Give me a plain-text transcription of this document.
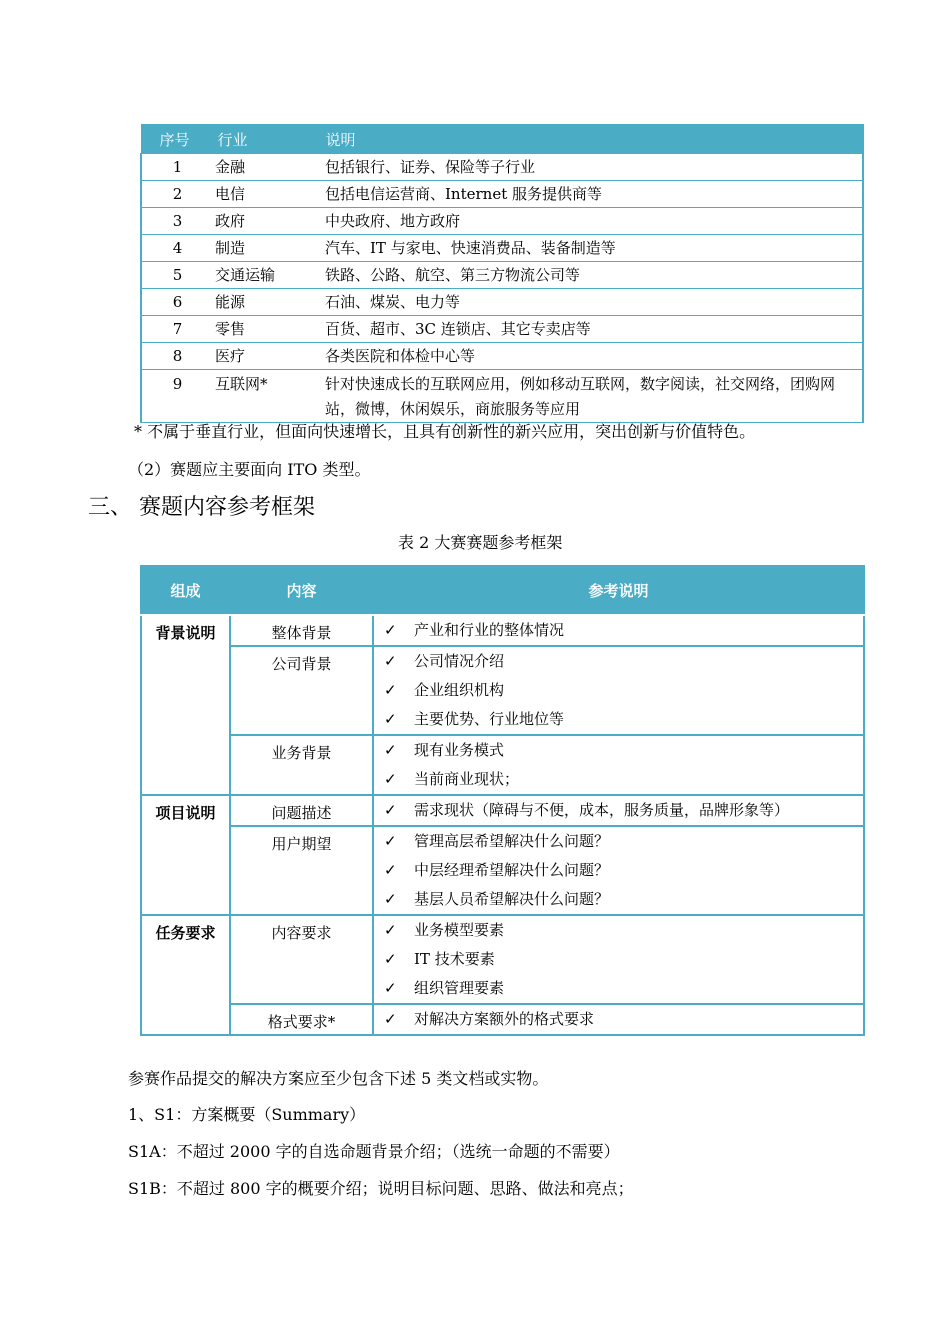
序号	行业	说明
1	金融	包括银行、证券、保险等子行业
2	电信	包括电信运营商、Internet 服务提供商等
3	政府	中央政府、地方政府
4	制造	汽车、IT 与家电、快速消费品、装备制造等
5	交通运输	铁路、公路、航空、第三方物流公司等
6	能源	石油、煤炭、电力等
7	零售	百货、超市、3C 连锁店、其它专卖店等
8	医疗	各类医院和体检中心等
9	互联网*	针对快速成长的互联网应用，例如移动互联网，数字阅读，社交网络，团购网站，微博，休闲娱乐，商旅服务等应用
* 不属于垂直行业，但面向快速增长，且具有创新性的新兴应用，突出创新与价值特色。
（2）赛题应主要面向 ITO 类型。
三、 赛题内容参考框架
表 2 大赛赛题参考框架
组成	内容	参考说明
背景说明	整体背景	✓ 产业和行业的整体情况

	公司背景	✓ 公司情况介绍
✓ 企业组织机构
✓ 主要优势、行业地位等

	业务背景	✓ 现有业务模式
✓ 当前商业现状；

项目说明	问题描述	✓ 需求现状（障碍与不便，成本，服务质量，品牌形象等）

	用户期望	✓ 管理高层希望解决什么问题？
✓ 中层经理希望解决什么问题？
✓ 基层人员希望解决什么问题？

任务要求	内容要求	✓ 业务模型要素
✓ IT 技术要素
✓ 组织管理要素

	格式要求*	✓ 对解决方案额外的格式要求
参赛作品提交的解决方案应至少包含下述 5 类文档或实物。
1、S1：方案概要（Summary）
S1A：不超过 2000 字的自选命题背景介绍；（选统一命题的不需要）
S1B：不超过 800 字的概要介绍；说明目标问题、思路、做法和亮点；
